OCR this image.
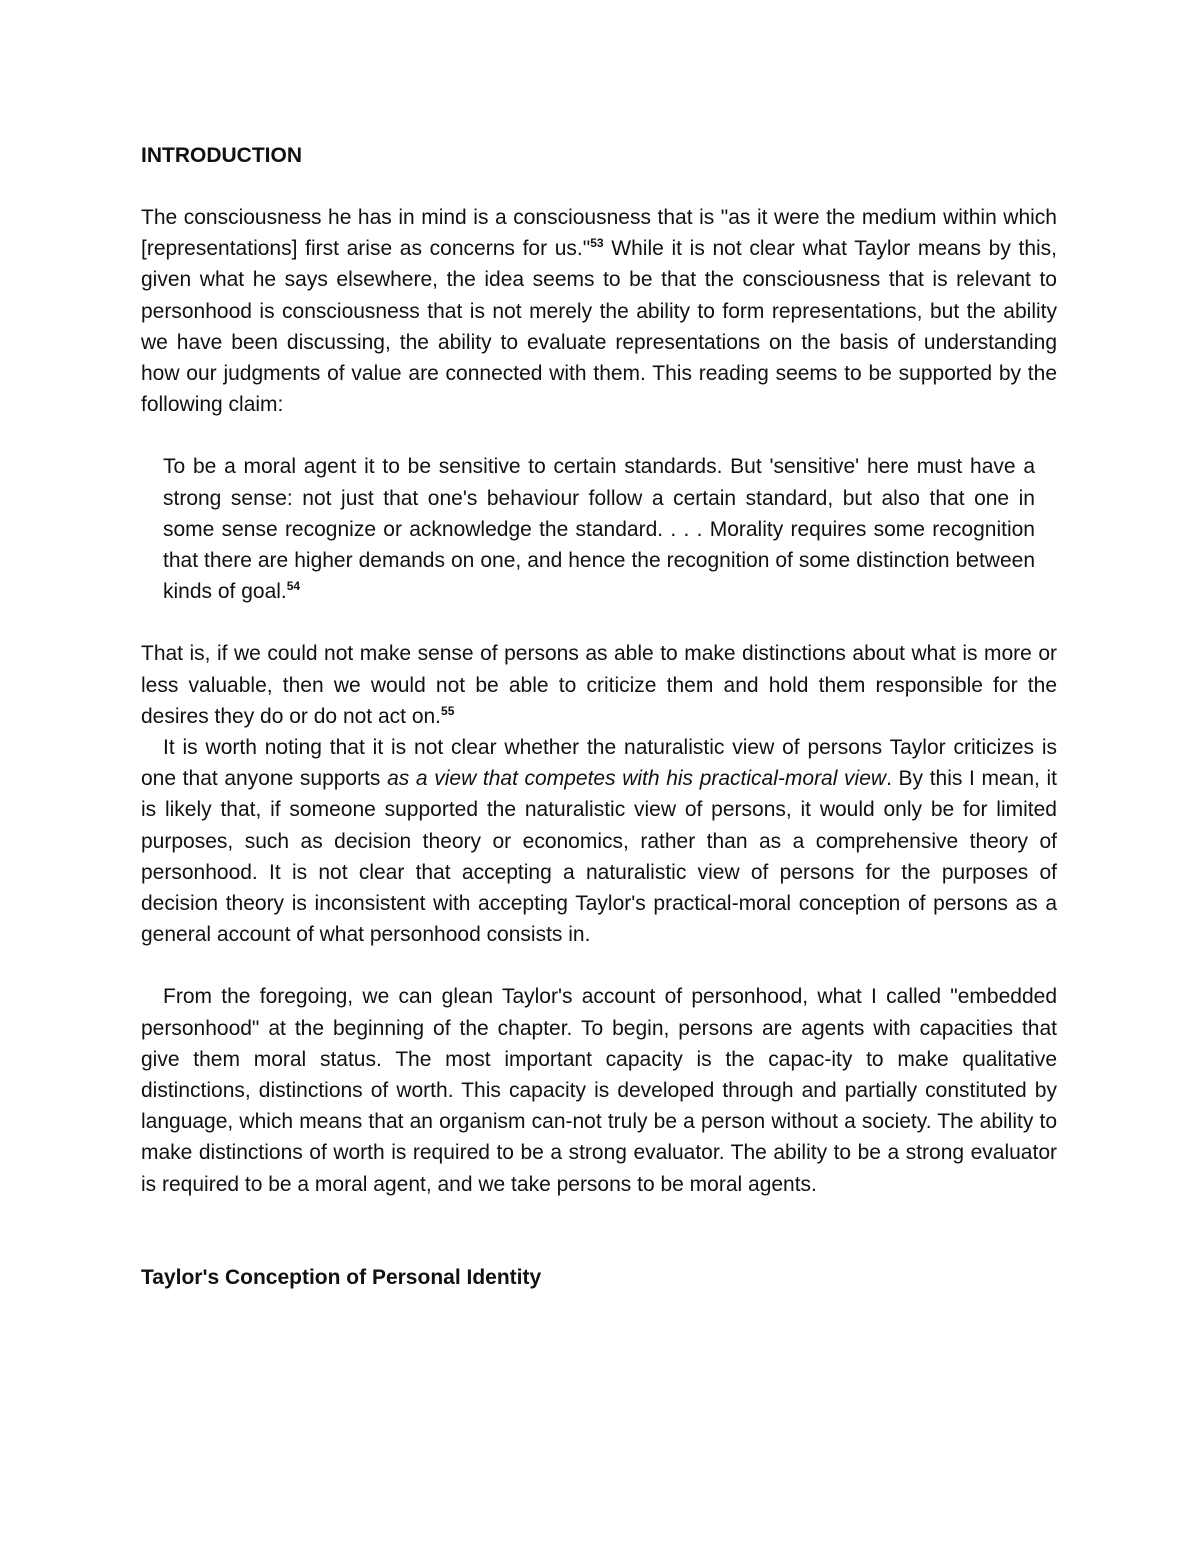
INTRODUCTION

The consciousness he has in mind is a consciousness that is "as it were the medium within which [representations] first arise as concerns for us."$^{53}$ While it is not clear what Taylor means by this, given what he says elsewhere, the idea seems to be that the consciousness that is relevant to personhood is consciousness that is not merely the ability to form representations, but the ability we have been discussing, the ability to evaluate representations on the basis of understanding how our judgments of value are connected with them. This reading seems to be supported by the following claim:

To be a moral agent it to be sensitive to certain standards. But 'sensitive' here must have a strong sense: not just that one's behaviour follow a certain standard, but also that one in some sense recognize or acknowledge the standard. . . . Morality requires some recognition that there are higher demands on one, and hence the recognition of some distinction between kinds of goal.$^{54}$

That is, if we could not make sense of persons as able to make distinctions about what is more or less valuable, then we would not be able to criticize them and hold them responsible for the desires they do or do not act on.$^{55}$

It is worth noting that it is not clear whether the naturalistic view of persons Taylor criticizes is one that anyone supports as a view that competes with his practical-moral view. By this I mean, it is likely that, if someone supported the naturalistic view of persons, it would only be for limited purposes, such as decision theory or economics, rather than as a comprehensive theory of personhood. It is not clear that accepting a naturalistic view of persons for the purposes of decision theory is inconsistent with accepting Taylor's practical-moral conception of persons as a general account of what personhood consists in.

From the foregoing, we can glean Taylor's account of personhood, what I called "embedded personhood" at the beginning of the chapter. To begin, persons are agents with capacities that give them moral status. The most important capacity is the capac-ity to make qualitative distinctions, distinctions of worth. This capacity is developed through and partially constituted by language, which means that an organism can-not truly be a person without a society. The ability to make distinctions of worth is required to be a strong evaluator. The ability to be a strong evaluator is required to be a moral agent, and we take persons to be moral agents.

Taylor's Conception of Personal Identity
